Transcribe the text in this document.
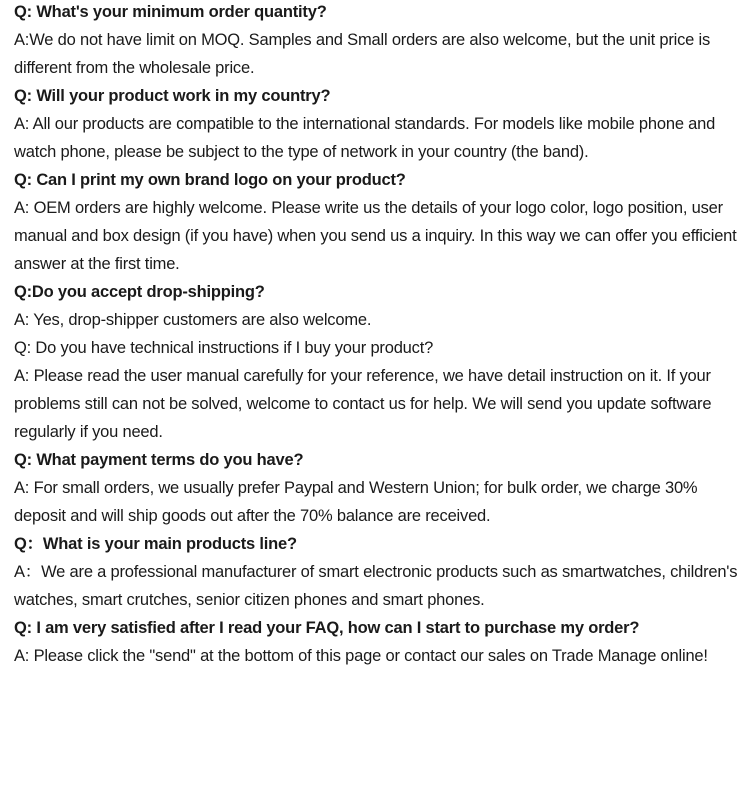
Q: What's your minimum order quantity?

A:We do not have limit on MOQ. Samples and Small orders are also welcome, but the unit price is different from the wholesale price.

Q: Will your product work in my country?

A: All our products are compatible to the international standards. For models like mobile phone and watch phone, please be subject to the type of network in your country (the band).

Q: Can I print my own brand logo on your product?

A: OEM orders are highly welcome. Please write us the details of your logo color, logo position, user manual and box design (if you have) when you send us a inquiry. In this way we can offer you efficient answer at the first time.

Q:Do you accept drop-shipping?

A: Yes, drop-shipper customers are also welcome.

Q: Do you have technical instructions if I buy your product?

A: Please read the user manual carefully for your reference, we have detail instruction on it. If your problems still can not be solved, welcome to contact us for help. We will send you update software regularly if you need.

Q: What payment terms do you have?

A: For small orders, we usually prefer Paypal and Western Union; for bulk order, we charge 30% deposit and will ship goods out after the 70% balance are received.

Q：What is your main products line?

A：We are a professional manufacturer of smart electronic products such as smartwatches, children's watches, smart crutches, senior citizen phones and smart phones.

Q: I am very satisfied after I read your FAQ, how can I start to purchase my order?

A: Please click the "send" at the bottom of this page or contact our sales on Trade Manage online!
